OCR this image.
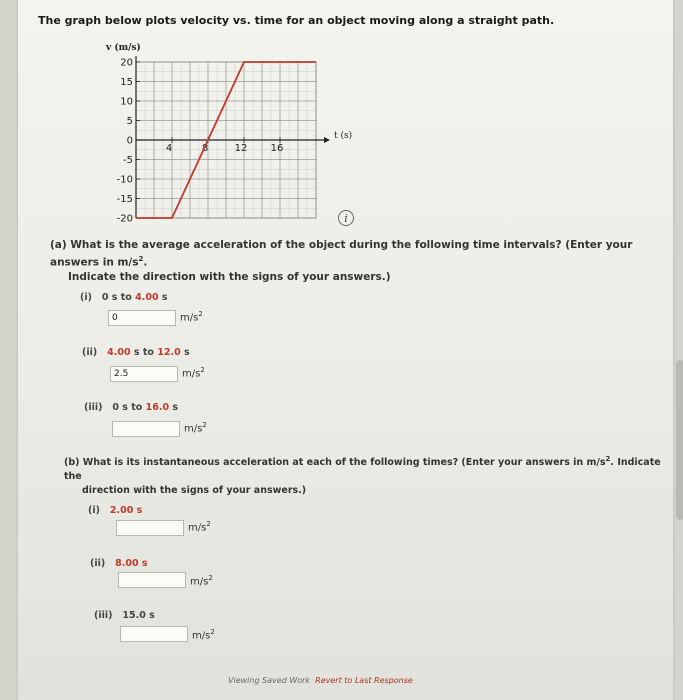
The graph below plots velocity vs. time for an object moving along a straight path.
v (m/s)
t (s)
20
15
10
5
0
-5
-10
-15
-20
4	8	12 16
i
(a) What is the average acceleration of the object during the following time intervals? (Enter your answers in $m/s^2$.
Indicate the direction with the signs of your answers.)
(i) 0 s to 4.00 s
0
$m/s^2$
(ii) 4.00 s to 12.0 s
2.5
$m/s^2$
(iii) 0 s to 16.0 s
$m/s^2$
(b) What is its instantaneous acceleration at each of the following times? (Enter your answers in $m/s^2$. Indicate the
direction with the signs of your answers.)
(i) 2.00 s
$m/s^2$
(ii) 8.00 s
$m/s^2$
(iii) 15.0 s
$m/s^2$
Viewing Saved Work Revert to Last Response
